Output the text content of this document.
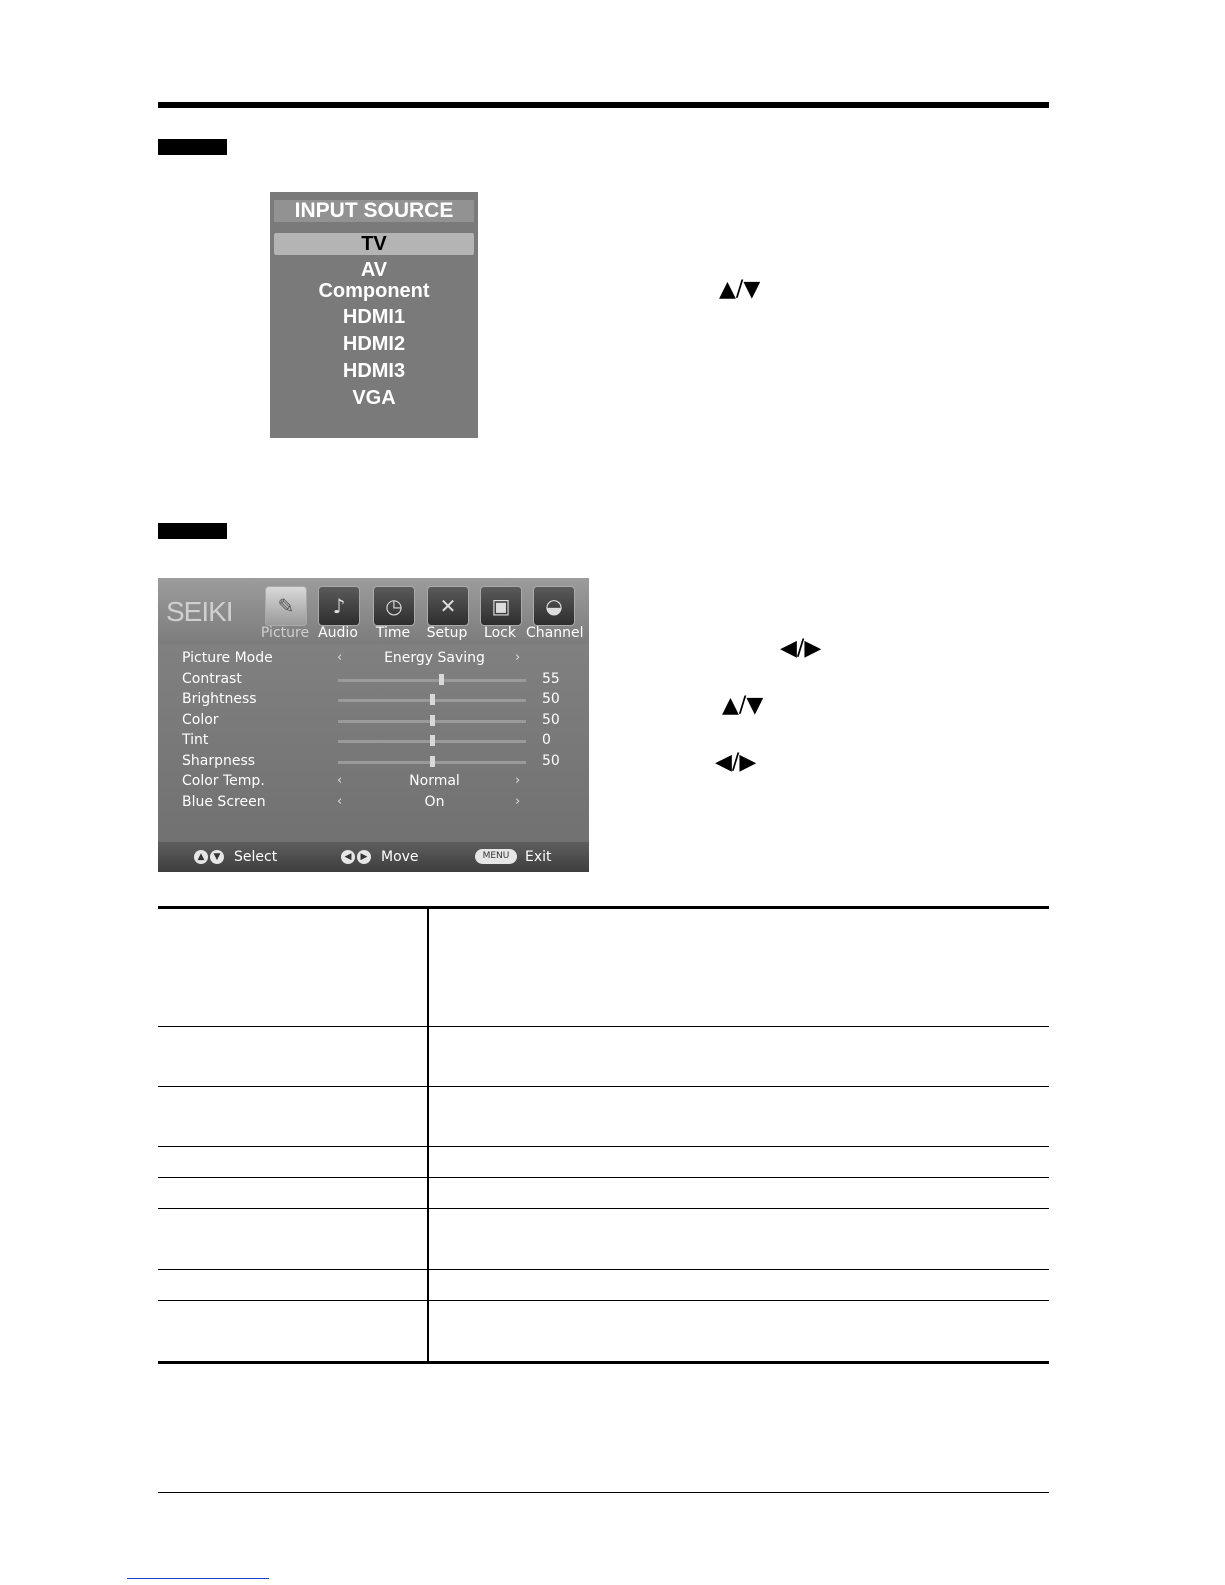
INPUT SOURCE
TV
AV
Component
HDMI1
HDMI2
HDMI3
VGA
▲/▼
SEIKI	✎
Picture
♪
Audio
◷
Time
✕
Setup
▣
Lock
◒
Channel
Picture Mode	‹	Energy Saving	›
Contrast	55
Brightness	50
Color	50
Tint	0
Sharpness	50
Color Temp.	‹	Normal	›
Blue Screen	‹	On	›
▲	▼ Select	◀	▶ Move	MENU	Exit
◀/▶
▲/▼
◀/▶
